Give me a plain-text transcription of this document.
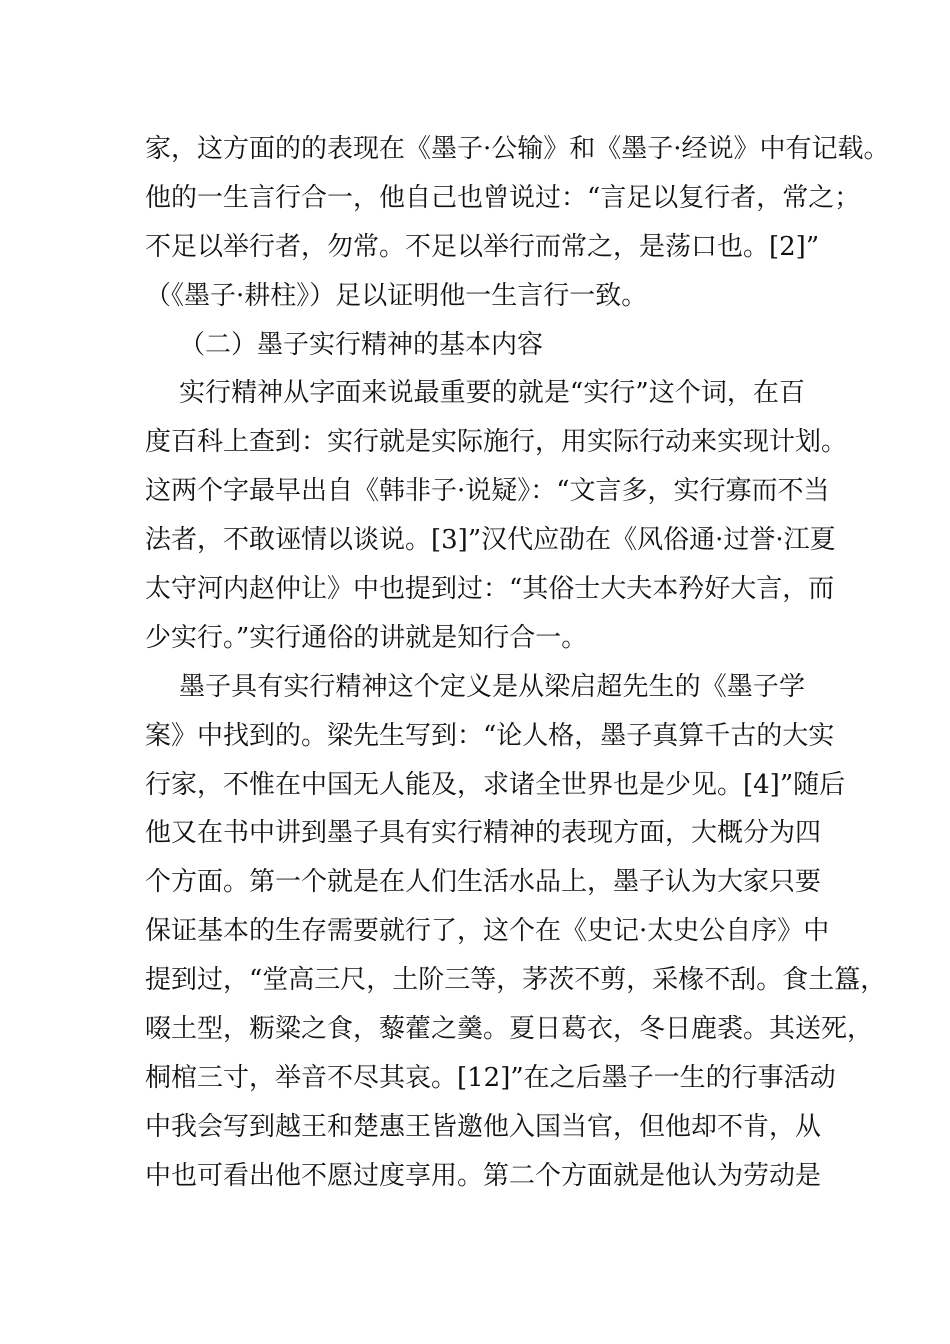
家，这方面的的表现在《墨子·公输》和《墨子·经说》中有记载。
他的一生言行合一，他自己也曾说过：“言足以复行者，常之；
不足以举行者，勿常。不足以举行而常之，是荡口也。[2]”
（《墨子·耕柱》）足以证明他一生言行一致。
（二）墨子实行精神的基本内容
实行精神从字面来说最重要的就是“实行”这个词，在百
度百科上查到：实行就是实际施行，用实际行动来实现计划。
这两个字最早出自《韩非子·说疑》：“文言多，实行寡而不当
法者，不敢诬情以谈说。[3]”汉代应劭在《风俗通·过誉·江夏
太守河内赵仲让》中也提到过：“其俗士大夫本矜好大言，而
少实行。”实行通俗的讲就是知行合一。
墨子具有实行精神这个定义是从梁启超先生的《墨子学
案》中找到的。梁先生写到：“论人格，墨子真算千古的大实
行家，不惟在中国无人能及，求诸全世界也是少见。[4]”随后
他又在书中讲到墨子具有实行精神的表现方面，大概分为四
个方面。第一个就是在人们生活水品上，墨子认为大家只要
保证基本的生存需要就行了，这个在《史记·太史公自序》中
提到过，“堂高三尺，土阶三等，茅茨不剪，采椽不刮。食土簋，
啜土型，粝粱之食，藜藿之羹。夏日葛衣，冬日鹿裘。其送死，
桐棺三寸，举音不尽其哀。[12]”在之后墨子一生的行事活动
中我会写到越王和楚惠王皆邀他入国当官，但他却不肯，从
中也可看出他不愿过度享用。第二个方面就是他认为劳动是
